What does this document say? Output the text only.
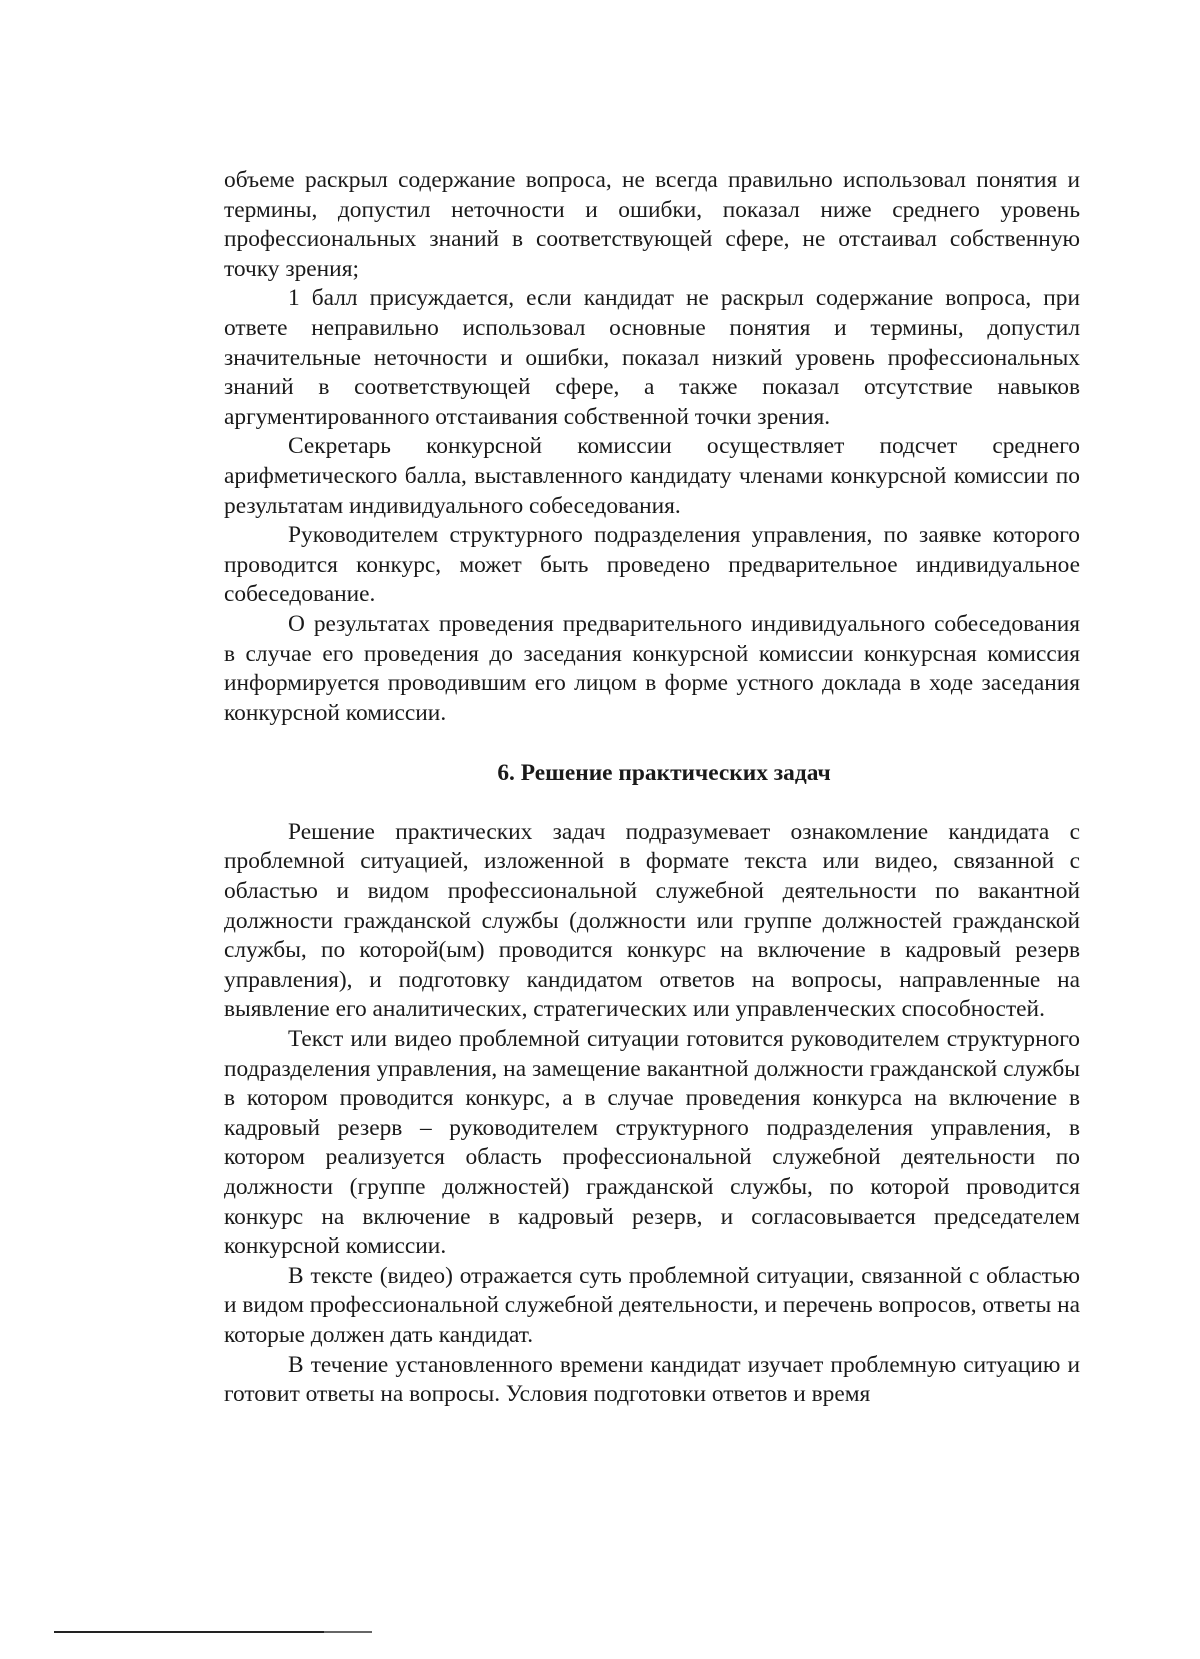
объеме раскрыл содержание вопроса, не всегда правильно использовал понятия и термины, допустил неточности и ошибки, показал ниже среднего уровень профессиональных знаний в соответствующей сфере, не отстаивал собственную точку зрения;

1 балл присуждается, если кандидат не раскрыл содержание вопроса, при ответе неправильно использовал основные понятия и термины, допустил значительные неточности и ошибки, показал низкий уровень профессиональных знаний в соответствующей сфере, а также показал отсутствие навыков аргументированного отстаивания собственной точки зрения.

Секретарь конкурсной комиссии осуществляет подсчет среднего арифметического балла, выставленного кандидату членами конкурсной комиссии по результатам индивидуального собеседования.

Руководителем структурного подразделения управления, по заявке которого проводится конкурс, может быть проведено предварительное индивидуальное собеседование.

О результатах проведения предварительного индивидуального собеседования в случае его проведения до заседания конкурсной комиссии конкурсная комиссия информируется проводившим его лицом в форме устного доклада в ходе заседания конкурсной комиссии.

6. Решение практических задач

Решение практических задач подразумевает ознакомление кандидата с проблемной ситуацией, изложенной в формате текста или видео, связанной с областью и видом профессиональной служебной деятельности по вакантной должности гражданской службы (должности или группе должностей гражданской службы, по которой(ым) проводится конкурс на включение в кадровый резерв управления), и подготовку кандидатом ответов на вопросы, направленные на выявление его аналитических, стратегических или управленческих способностей.

Текст или видео проблемной ситуации готовится руководителем структурного подразделения управления, на замещение вакантной должности гражданской службы в котором проводится конкурс, а в случае проведения конкурса на включение в кадровый резерв – руководителем структурного подразделения управления, в котором реализуется область профессиональной служебной деятельности по должности (группе должностей) гражданской службы, по которой проводится конкурс на включение в кадровый резерв, и согласовывается председателем конкурсной комиссии.

В тексте (видео) отражается суть проблемной ситуации, связанной с областью и видом профессиональной служебной деятельности, и перечень вопросов, ответы на которые должен дать кандидат.

В течение установленного времени кандидат изучает проблемную ситуацию и готовит ответы на вопросы. Условия подготовки ответов и время
